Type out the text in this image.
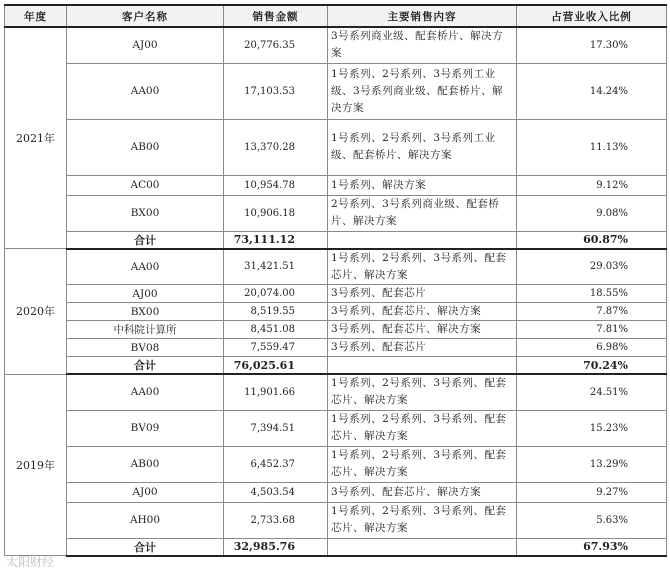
年度	客户名称	销售金额	主要销售内容	占营业收入比例
2021年	AJ00	20,776.35	3号系列商业级、配套桥片、解决方案	17.30%
	AA00	17,103.53	1号系列、2号系列、3号系列工业级、3号系列商业级、配套桥片、解决方案	14.24%
	AB00	13,370.28	1号系列、2号系列、3号系列工业级、配套桥片、解决方案	11.13%
	AC00	10,954.78	1号系列、解决方案	9.12%
	BX00	10,906.18	2号系列、3号系列商业级、配套桥片、解决方案	9.08%
	合计	73,111.12		60.87%
2020年	AA00	31,421.51	1号系列、2号系列、3号系列、配套芯片、解决方案	29.03%
	AJ00	20,074.00	3号系列、配套芯片	18.55%
	BX00	8,519.55	3号系列、配套芯片、解决方案	7.87%
	中科院计算所	8,451.08	3号系列、配套芯片、解决方案	7.81%
	BV08	7,559.47	3号系列、配套芯片	6.98%
	合计	76,025.61		70.24%
2019年	AA00	11,901.66	1号系列、2号系列、3号系列、配套芯片、解决方案	24.51%
	BV09	7,394.51	1号系列、2号系列、3号系列、配套芯片、解决方案	15.23%
	AB00	6,452.37	1号系列、2号系列、3号系列、配套芯片、解决方案	13.29%
	AJ00	4,503.54	3号系列、配套芯片、解决方案	9.27%
	AH00	2,733.68	1号系列、2号系列、3号系列、配套芯片、解决方案	5.63%
	合计	32,985.76		67.93%
太阳财经
